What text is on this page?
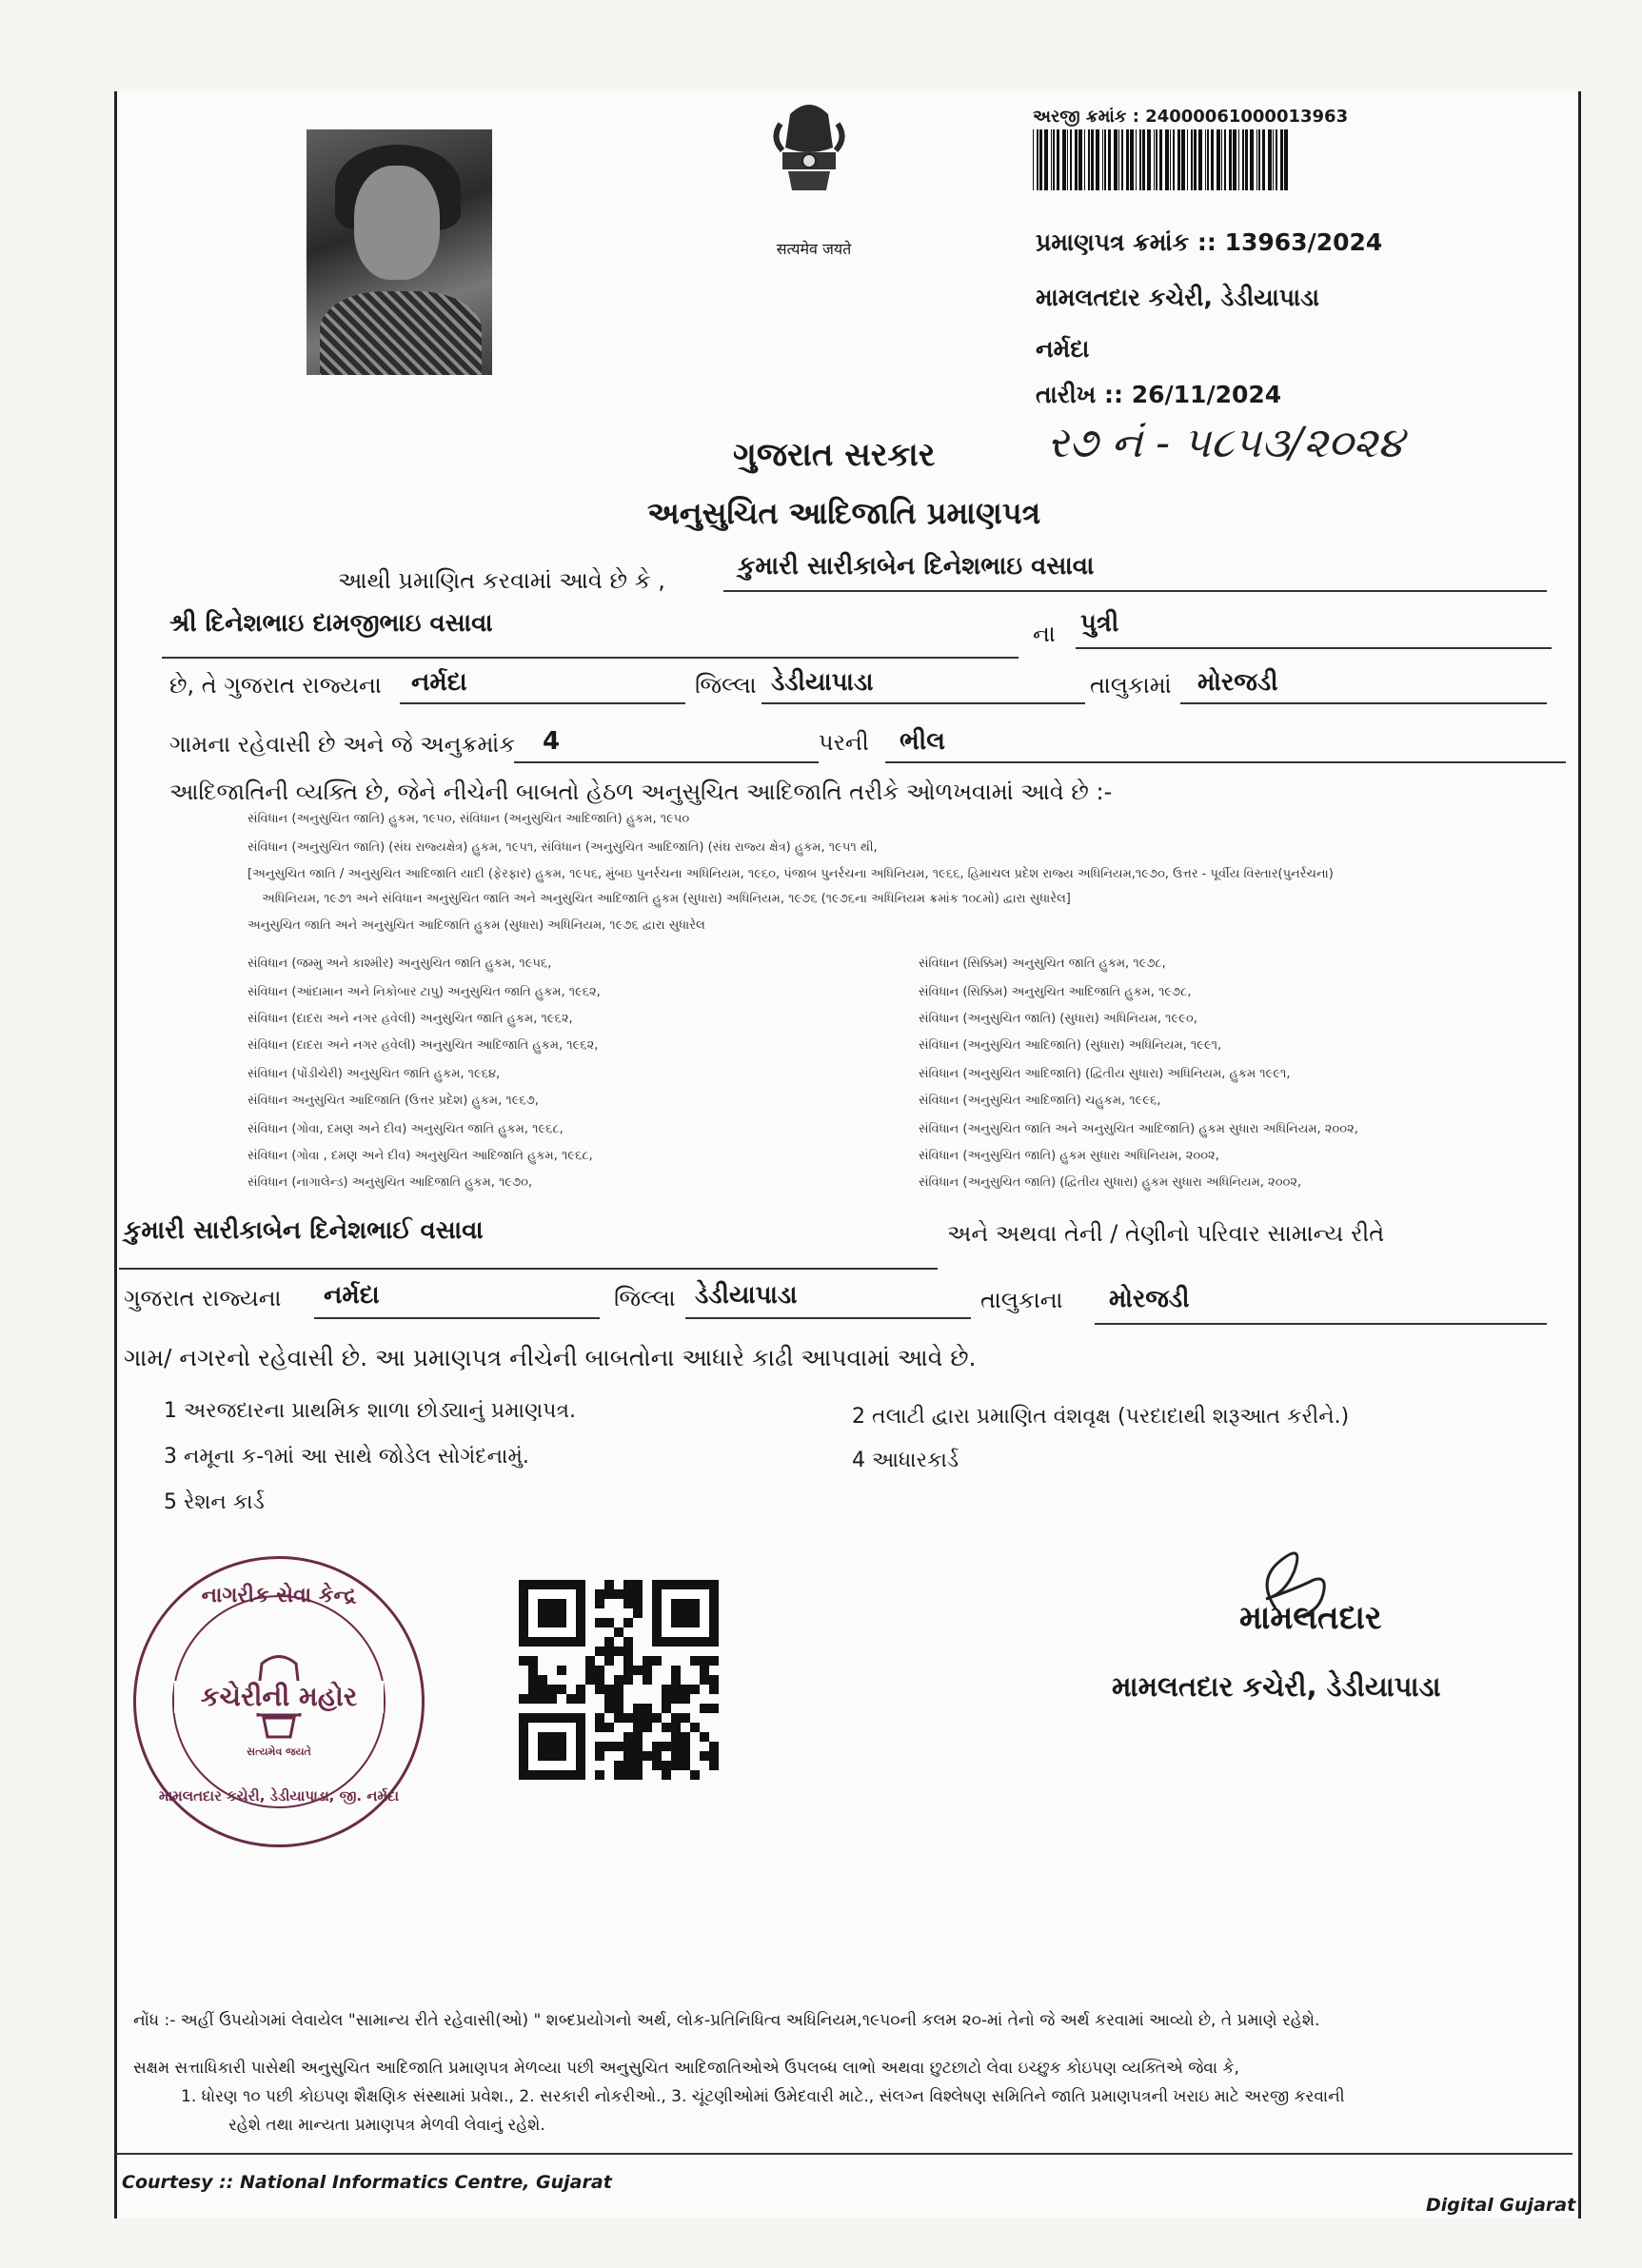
सत्यमेव जयते
અરજી ક્રમાંક : 24000061000013963
પ્રમાણપત્ર ક્રમાંક :: 13963/2024
મામલતદાર કચેરી, ડેડીયાપાડા
નર્મદા
તારીખ :: 26/11/2024
ર૭ નં - ૫૮૫૩/૨૦૨૪
ગુજરાત સરકાર
અનુસુચિત આદિજાતિ પ્રમાણપત્ર
આથી પ્રમાણિત કરવામાં આવે છે કે ,	કુમારી સારીકાબેન દિનેશભાઇ વસાવા
શ્રી દિનેશભાઇ દામજીભાઇ વસાવા	ના પુત્રી
છે, તે ગુજરાત રાજ્યના નર્મદા	જિલ્લા ડેડીયાપાડા	તાલુકામાં મોરજડી
ગામના રહેવાસી છે અને જે અનુક્રમાંક 4	પરની ભીલ
આદિજાતિની વ્યક્તિ છે, જેને નીચેની બાબતો હેઠળ અનુસુચિત આદિજાતિ તરીકે ઓળખવામાં આવે છે :-
સંવિધાન (અનુસુચિત જાતિ) હુકમ, ૧૯૫૦, સંવિધાન (અનુસુચિત આદિજાતિ) હુકમ, ૧૯૫૦
સંવિધાન (અનુસુચિત જાતિ) (સંઘ રાજ્યક્ષેત્ર) હુકમ, ૧૯૫૧, સંવિધાન (અનુસુચિત આદિજાતિ) (સંઘ રાજ્ય ક્ષેત્ર) હુકમ, ૧૯૫૧ થી,
[અનુસુચિત જાતિ / અનુસુચિત આદિજાતિ યાદી (ફેરફાર) હુકમ, ૧૯૫૬, મુંબઇ પુનર્રચના અધિનિયમ, ૧૯૬૦, પંજાબ પુનર્રચના અધિનિયમ, ૧૯૬૬, હિમાચલ પ્રદેશ રાજ્ય અધિનિયમ,૧૯૭૦, ઉત્તર - પૂર્વીય વિસ્તાર(પુનર્રચના)
અધિનિયમ, ૧૯૭૧ અને સંવિધાન અનુસુચિત જાતિ અને અનુસુચિત આદિજાતિ હુકમ (સુધારા) અધિનિયમ, ૧૯૭૬ (૧૯૭૬ના અધિનિયમ ક્રમાંક ૧૦૮મો) દ્વારા સુધારેલ]
અનુસુચિત જાતિ અને અનુસુચિત આદિજાતિ હુકમ (સુધારા) અધિનિયમ, ૧૯૭૬ દ્વારા સુધારેલ
સંવિધાન (જમ્મુ અને કાશ્મીર) અનુસુચિત જાતિ હુકમ, ૧૯૫૬,
સંવિધાન (આંદામાન અને નિકોબાર ટાપુ) અનુસુચિત જાતિ હુકમ, ૧૯૬૨,
સંવિધાન (દાદરા અને નગર હવેલી) અનુસુચિત જાતિ હુકમ, ૧૯૬૨,
સંવિધાન (દાદરા અને નગર હવેલી) અનુસુચિત આદિજાતિ હુકમ, ૧૯૬૨,
સંવિધાન (પોંડીચેરી) અનુસુચિત જાતિ હુકમ, ૧૯૬૪,
સંવિધાન અનુસુચિત આદિજાતિ (ઉત્તર પ્રદેશ) હુકમ, ૧૯૬૭,
સંવિધાન (ગોવા, દમણ અને દીવ) અનુસુચિત જાતિ હુકમ, ૧૯૬૮,
સંવિધાન (ગોવા , દમણ અને દીવ) અનુસુચિત આદિજાતિ હુકમ, ૧૯૬૮,
સંવિધાન (નાગાલેન્ડ) અનુસુચિત આદિજાતિ હુકમ, ૧૯૭૦,
સંવિધાન (સિક્કિમ) અનુસુચિત જાતિ હુકમ, ૧૯૭૮,
સંવિધાન (સિક્કિમ) અનુસુચિત આદિજાતિ હુકમ, ૧૯૭૮,
સંવિધાન (અનુસુચિત જાતિ) (સુધારા) અધિનિયમ, ૧૯૯૦,
સંવિધાન (અનુસુચિત આદિજાતિ) (સુધારા) અધિનિયમ, ૧૯૯૧,
સંવિધાન (અનુસુચિત આદિજાતિ) (દ્વિતીય સુધારા) અધિનિયમ, હુકમ ૧૯૯૧,
સંવિધાન (અનુસુચિત આદિજાતિ) ચહુકમ, ૧૯૯૬,
સંવિધાન (અનુસુચિત જાતિ અને અનુસુચિત આદિજાતિ) હુકમ સુધારા અધિનિયમ, ૨૦૦૨,
સંવિધાન (અનુસુચિત જાતિ) હુકમ સુધારા અધિનિયમ, ૨૦૦૨,
સંવિધાન (અનુસુચિત જાતિ) (દ્વિતીય સુધારા) હુકમ સુધારા અધિનિયમ, ૨૦૦૨,
કુમારી સારીકાબેન દિનેશભાઈ વસાવા	અને અથવા તેની / તેણીનો પરિવાર સામાન્ય રીતે
ગુજરાત રાજ્યના નર્મદા	જિલ્લા ડેડીયાપાડા	તાલુકાના મોરજડી
ગામ/ નગરનો રહેવાસી છે. આ પ્રમાણપત્ર નીચેની બાબતોના આધારે કાઢી આપવામાં આવે છે.
1 અરજદારના પ્રાથમિક શાળા છોડ્યાનું પ્રમાણપત્ર.	2 તલાટી દ્વારા પ્રમાણિત વંશવૃક્ષ (પરદાદાથી શરૂઆત કરીને.)
3 નમૂના ક-૧માં આ સાથે જોડેલ સોગંદનામું.	4 આધારકાર્ડ
5 રેશન કાર્ડ
નાગરીક સેવા કેન્દ્ર
કચેરીની મહોર
સત્યમેવ જયતે
મામલતદાર કચેરી, ડેડીયાપાડા, જી. નર્મદા
મામલતદાર
મામલતદાર કચેરી, ડેડીયાપાડા
નોંધ :- અહીં ઉપયોગમાં લેવાયેલ "સામાન્ય રીતે રહેવાસી(ઓ) " શબ્દપ્રયોગનો અર્થ, લોક-પ્રતિનિધિત્વ અધિનિયમ,૧૯૫૦ની કલમ ૨૦-માં તેનો જે અર્થ કરવામાં આવ્યો છે, તે પ્રમાણે રહેશે.
સક્ષમ સત્તાધિકારી પાસેથી અનુસુચિત આદિજાતિ પ્રમાણપત્ર મેળવ્યા પછી અનુસુચિત આદિજાતિઓએ ઉપલબ્ધ લાભો અથવા છુટછાટો લેવા ઇચ્છુક કોઇપણ વ્યક્તિએ જેવા કે,
1. ધોરણ ૧૦ પછી કોઇપણ શૈક્ષણિક સંસ્થામાં પ્રવેશ., 2. સરકારી નોકરીઓ., 3. ચૂંટણીઓમાં ઉમેદવારી માટે., સંલગ્ન વિશ્લેષણ સમિતિને જાતિ પ્રમાણપત્રની ખરાઇ માટે અરજી કરવાની
રહેશે તથા માન્યતા પ્રમાણપત્ર મેળવી લેવાનું રહેશે.
Courtesy :: National Informatics Centre, Gujarat
Digital Gujarat
